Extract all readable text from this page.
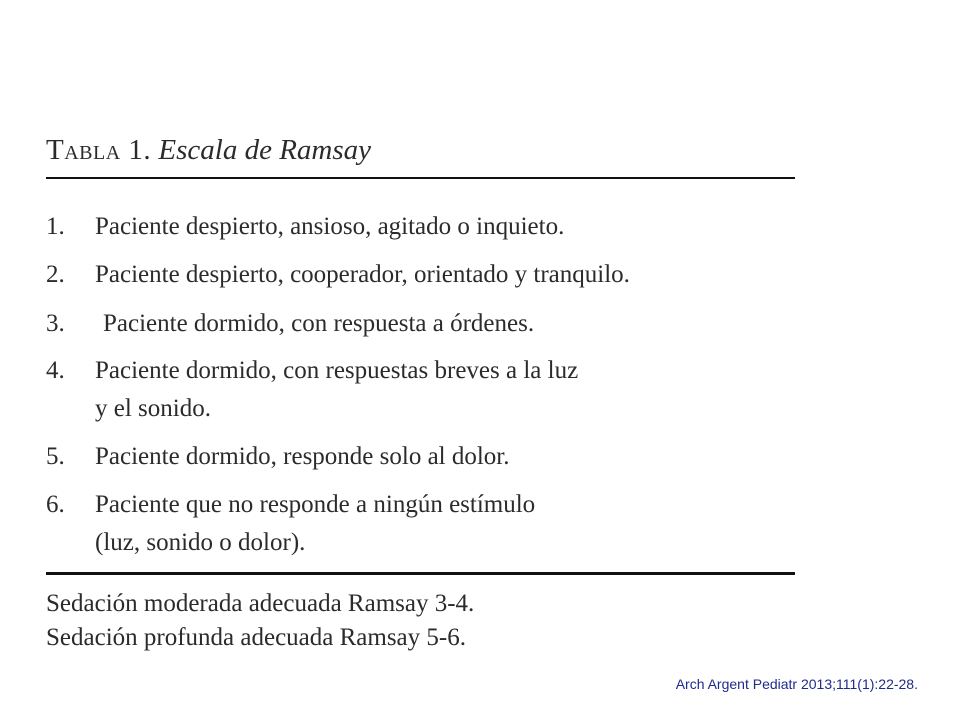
Tabla 1. Escala de Ramsay
1.	Paciente despierto, ansioso, agitado o inquieto.
2.	Paciente despierto, cooperador, orientado y tranquilo.
3.	Paciente dormido, con respuesta a órdenes.
4.	Paciente dormido, con respuestas breves a la luz
y el sonido.
5.	Paciente dormido, responde solo al dolor.
6.	Paciente que no responde a ningún estímulo
(luz, sonido o dolor).
Sedación moderada adecuada Ramsay 3-4.
Sedación profunda adecuada Ramsay 5-6.
Arch Argent Pediatr 2013;111(1):22-28.
